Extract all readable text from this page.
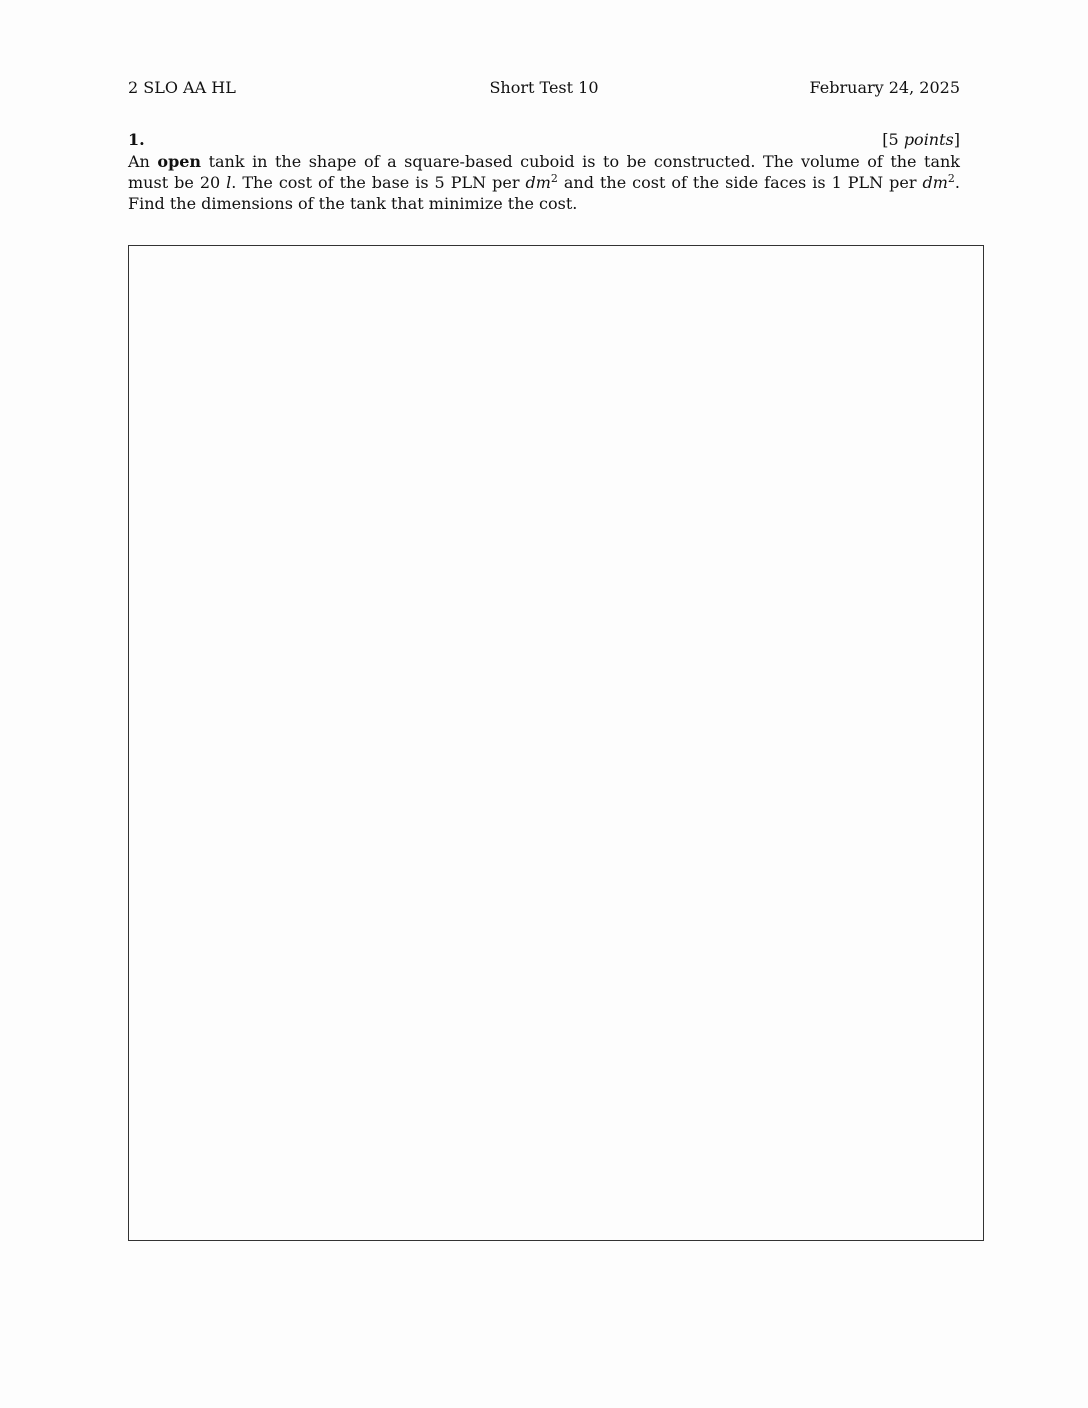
2 SLO AA HL	Short Test 10	February 24, 2025
1.	[5 points]
An open tank in the shape of a square-based cuboid is to be constructed. The volume of the tank must be 20 l. The cost of the base is 5 PLN per $dm^2$ and the cost of the side faces is 1 PLN per $dm^2$. Find the dimensions of the tank that minimize the cost.
